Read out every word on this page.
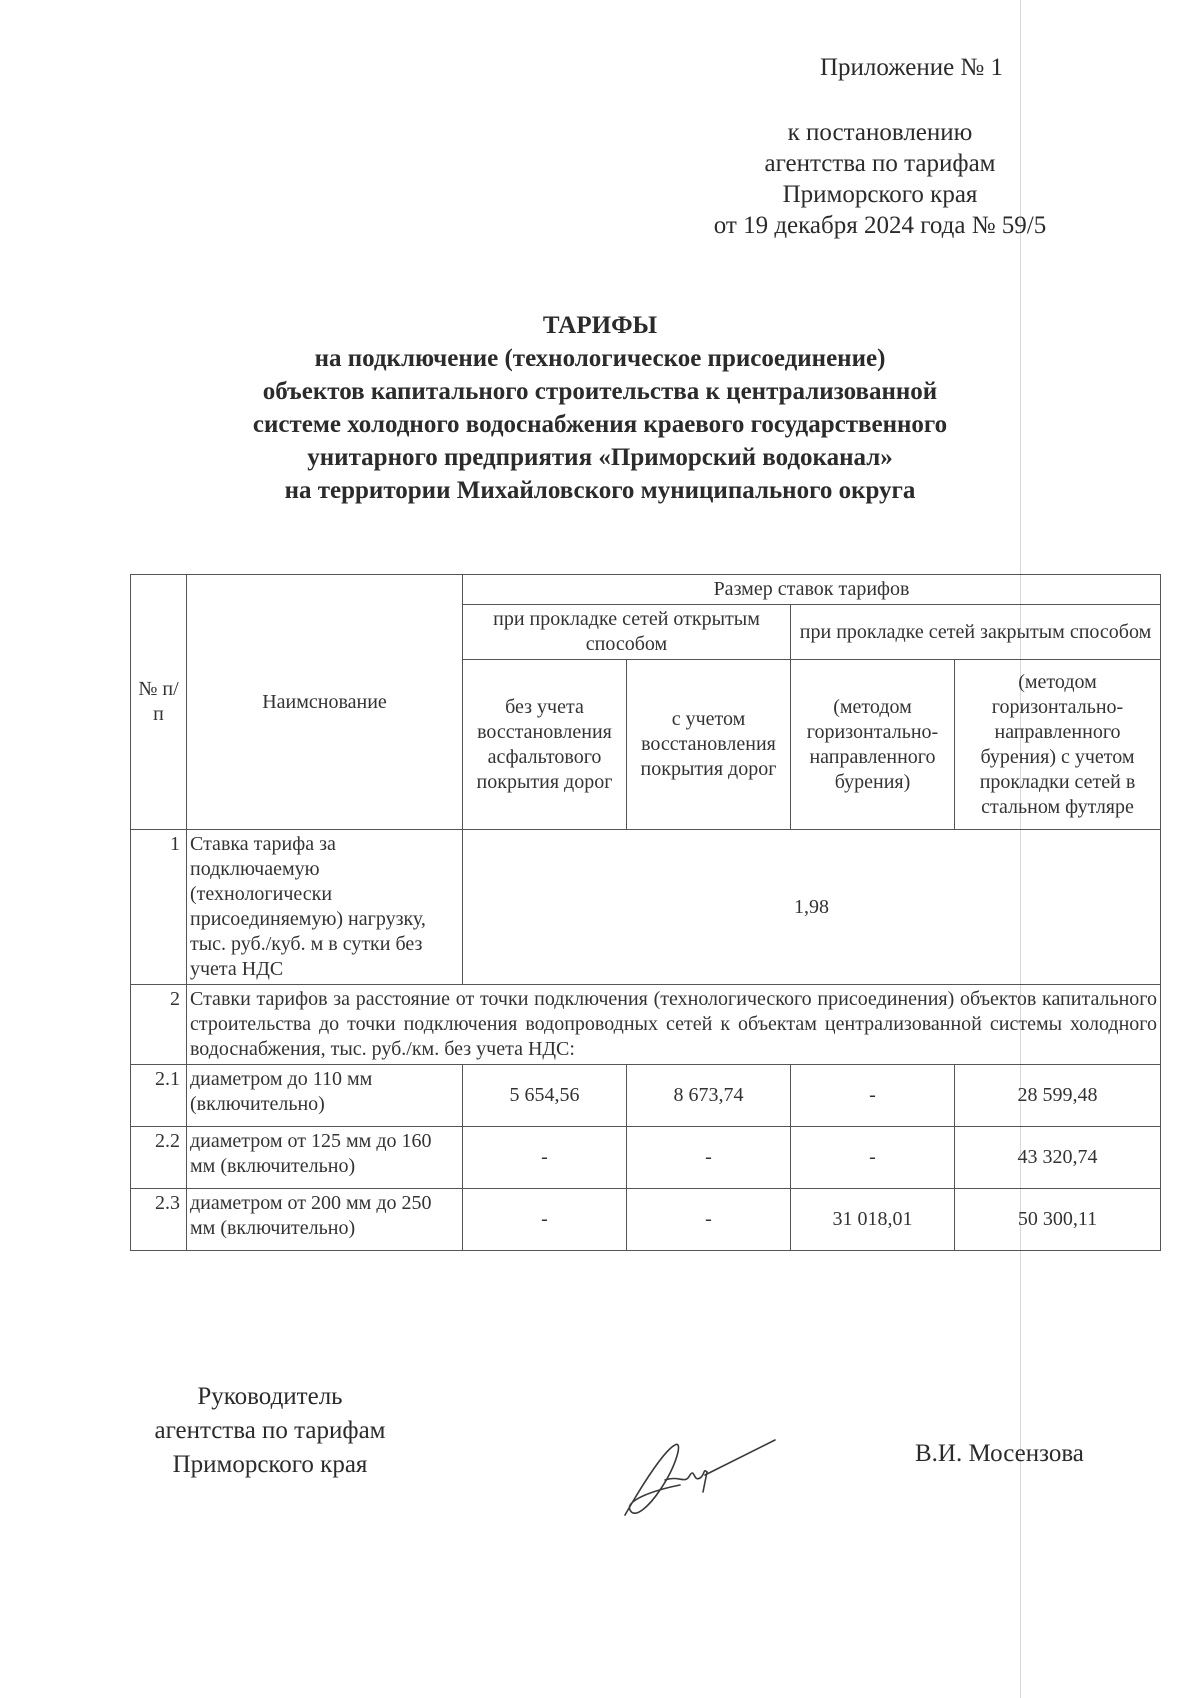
Приложение № 1
к постановлению
агентства по тарифам
Приморского края
от 19 декабря 2024 года № 59/5
ТАРИФЫ
на подключение (технологическое присоединение)
объектов капитального строительства к централизованной
системе холодного водоснабжения краевого государственного
унитарного предприятия «Приморский водоканал»
на территории Михайловского муниципального округа
№ п/п	Наимснование	Размер ставок тарифов			
		при прокладке сетей открытым способом		при прокладке сетей закрытым способом	
		без учета восстановления асфальтового покрытия дорог	с учетом восстановления покрытия дорог	(методом горизонтально-направленного бурения)	(методом горизонтально-направленного бурения) с учетом прокладки сетей в стальном футляре
1	Ставка тарифа за подключаемую (технологически присоединяемую) нагрузку, тыс. руб./куб. м в сутки без учета НДС	1,98			
2	Ставки тарифов за расстояние от точки подключения (технологического присоединения) объектов капитального строительства до точки подключения водопроводных сетей к объектам централизованной системы холодного водоснабжения, тыс. руб./км. без учета НДС:				
2.1	диаметром до 110 мм (включительно)	5 654,56	8 673,74	-	28 599,48
2.2	диаметром от 125 мм до 160 мм (включительно)	-	-	-	43 320,74
2.3	диаметром от 200 мм до 250 мм (включительно)	-	-	31 018,01	50 300,11
Руководитель
агентства по тарифам
Приморского края	В.И. Мосензова
